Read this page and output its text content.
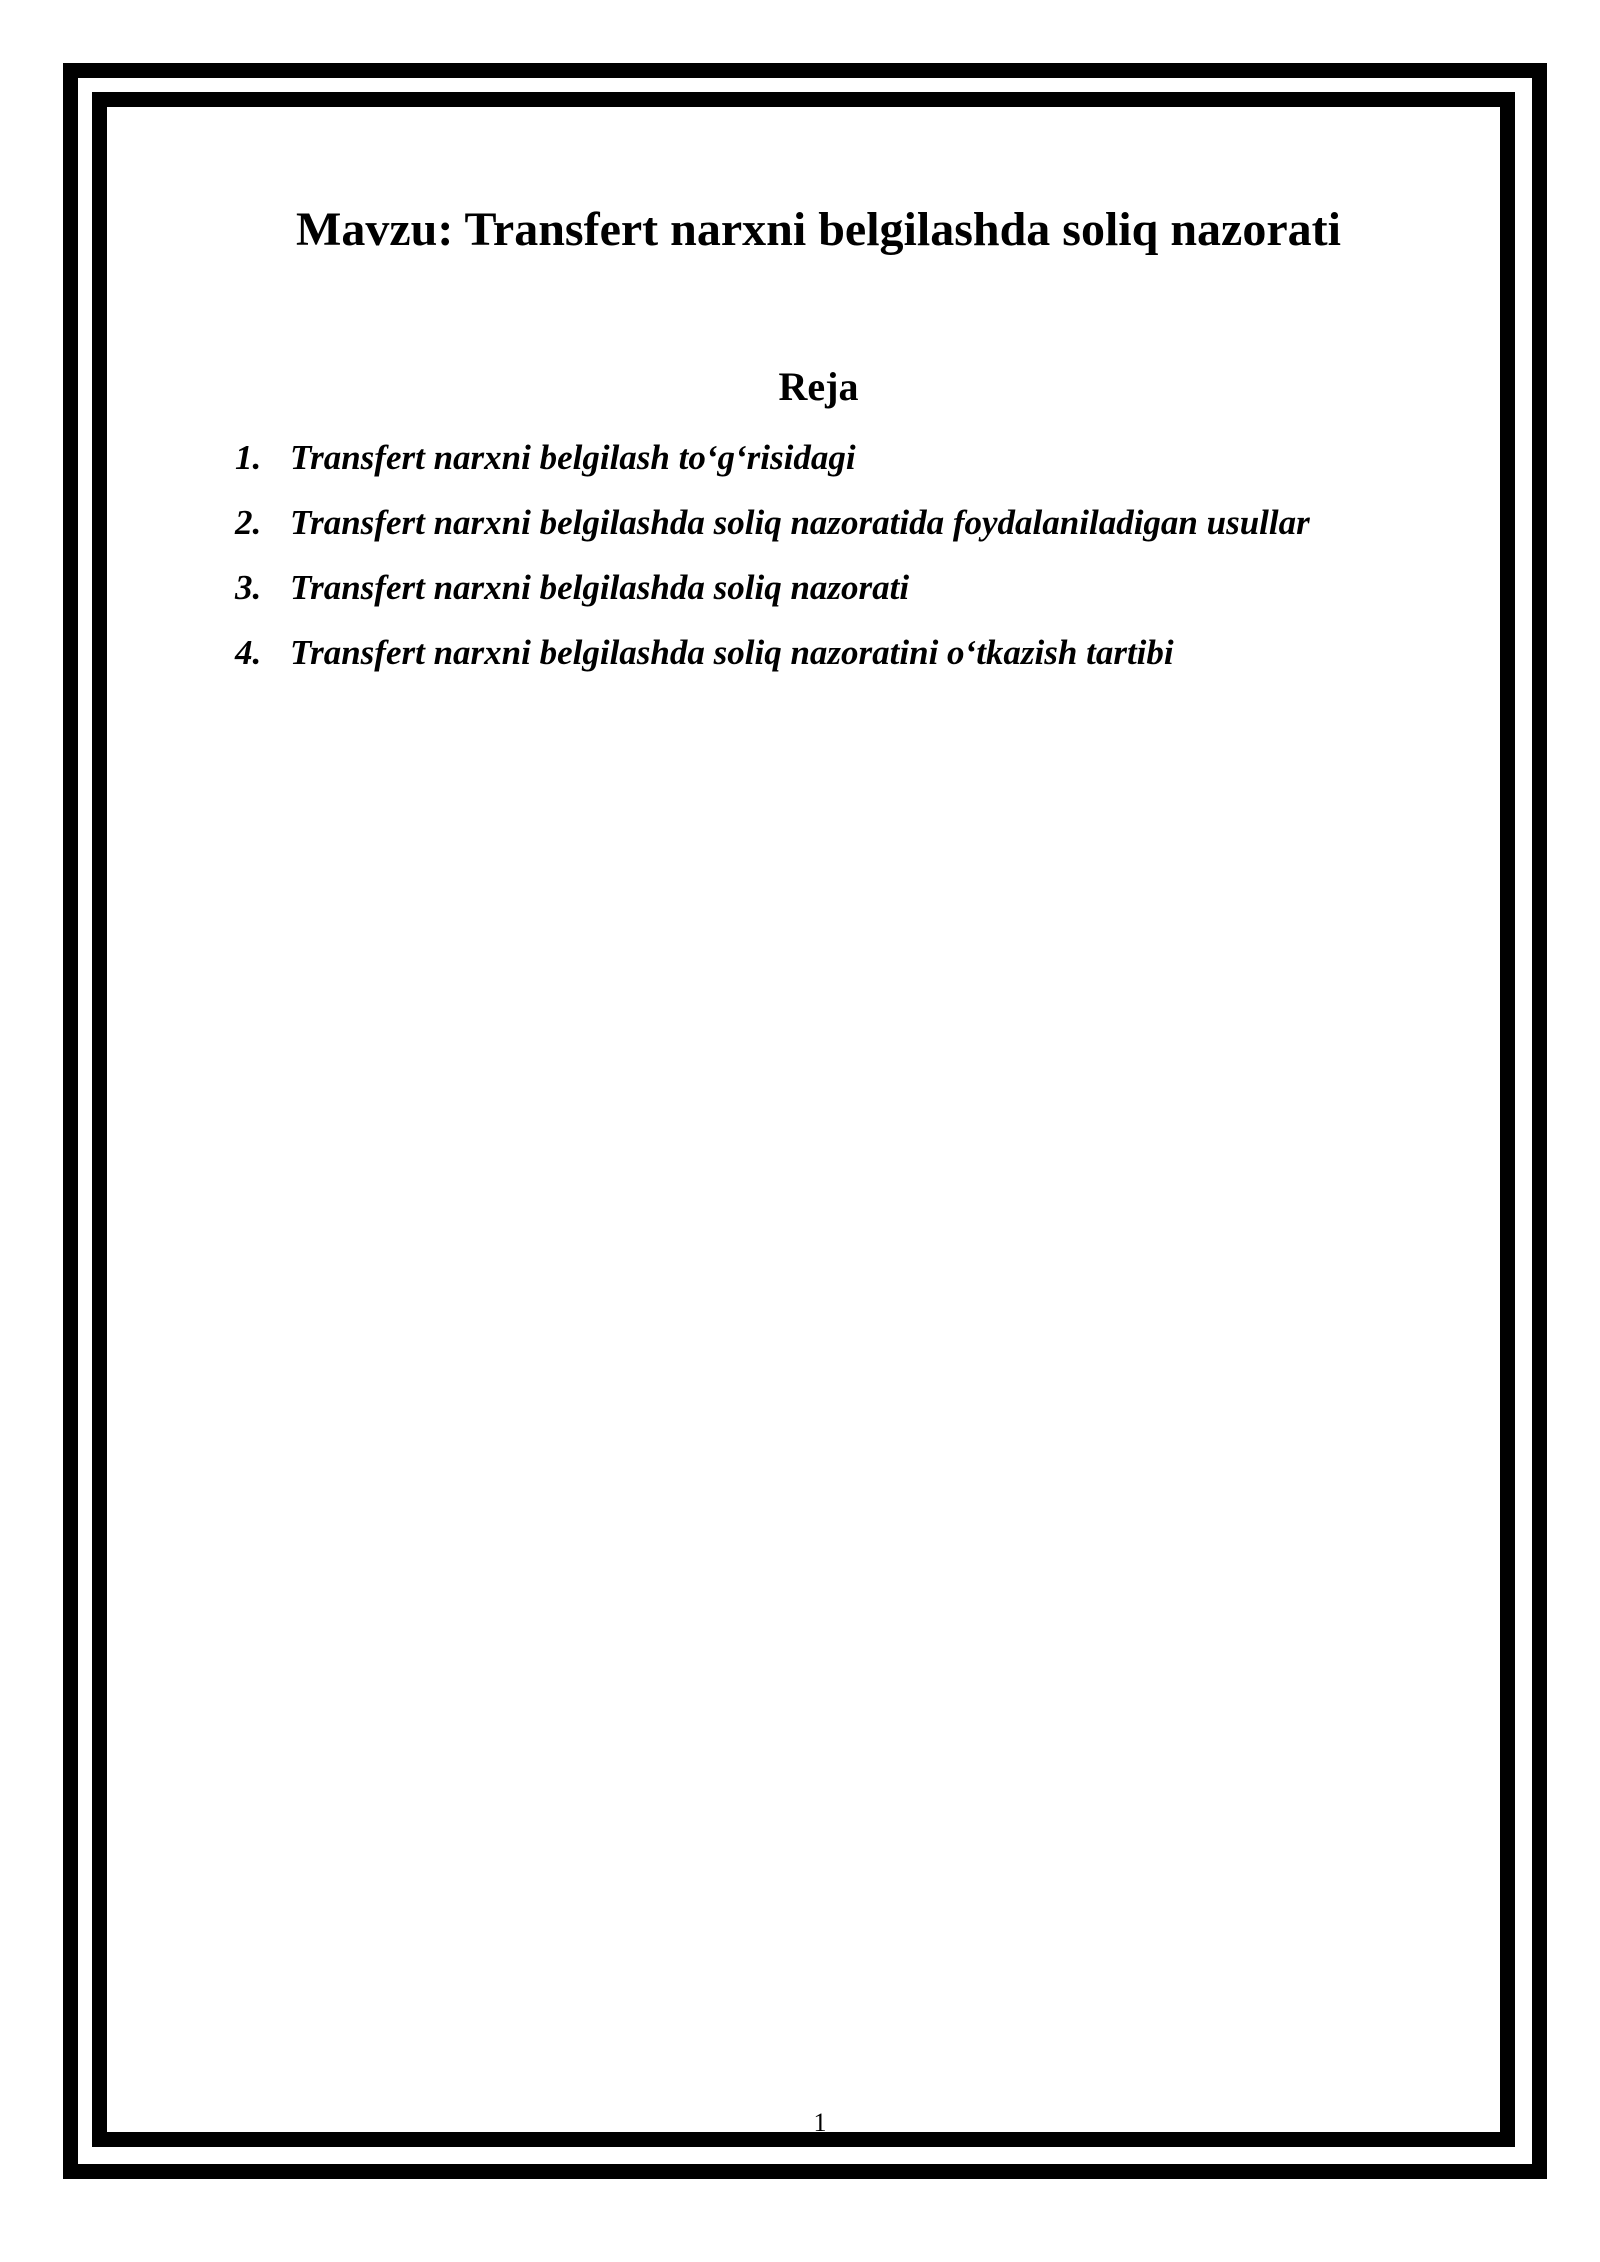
Mavzu: Transfert narxni belgilashda soliq nazorati
Reja
1. Transfert narxni belgilash to‘g‘risidagi
2. Transfert narxni belgilashda soliq nazoratida foydalaniladigan usullar
3. Transfert narxni belgilashda soliq nazorati
4. Transfert narxni belgilashda soliq nazoratini o‘tkazish tartibi
1
